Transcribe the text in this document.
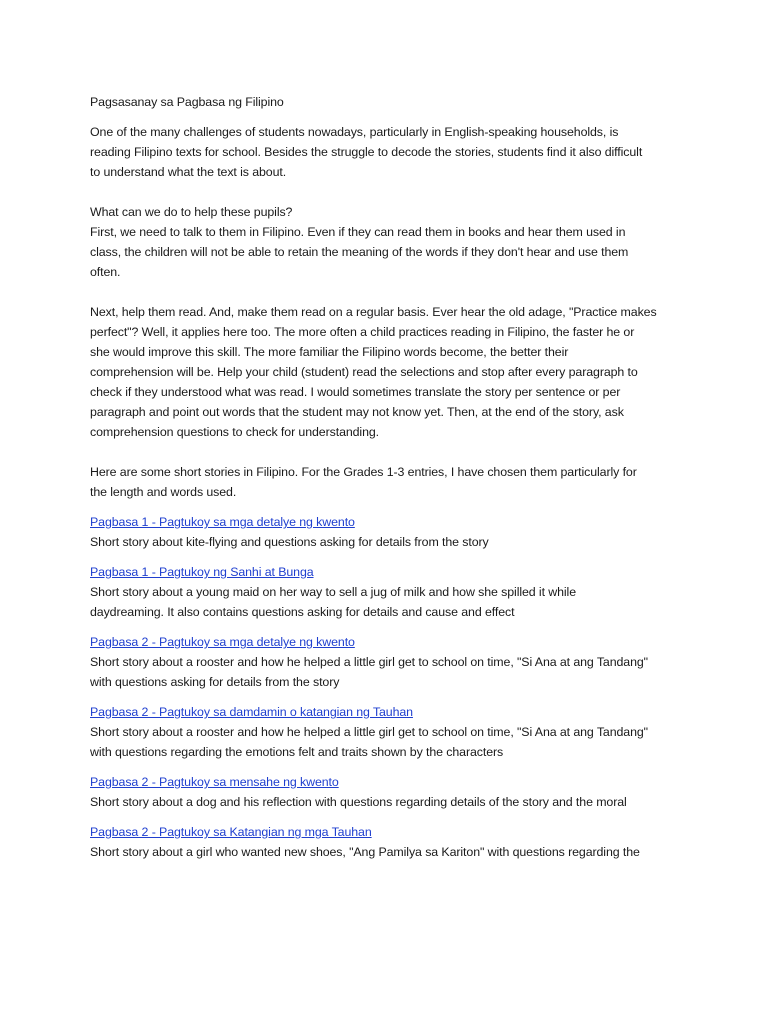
Pagsasanay sa Pagbasa ng Filipino

One of the many challenges of students nowadays, particularly in English-speaking households, is
reading Filipino texts for school. Besides the struggle to decode the stories, students find it also difficult
to understand what the text is about.

What can we do to help these pupils?
First, we need to talk to them in Filipino. Even if they can read them in books and hear them used in
class, the children will not be able to retain the meaning of the words if they don't hear and use them
often.

Next, help them read. And, make them read on a regular basis. Ever hear the old adage, "Practice makes
perfect"? Well, it applies here too. The more often a child practices reading in Filipino, the faster he or
she would improve this skill. The more familiar the Filipino words become, the better their
comprehension will be. Help your child (student) read the selections and stop after every paragraph to
check if they understood what was read. I would sometimes translate the story per sentence or per
paragraph and point out words that the student may not know yet. Then, at the end of the story, ask
comprehension questions to check for understanding.

Here are some short stories in Filipino. For the Grades 1-3 entries, I have chosen them particularly for
the length and words used.

Pagbasa 1 - Pagtukoy sa mga detalye ng kwento
Short story about kite-flying and questions asking for details from the story
Pagbasa 1 - Pagtukoy ng Sanhi at Bunga
Short story about a young maid on her way to sell a jug of milk and how she spilled it while
daydreaming. It also contains questions asking for details and cause and effect
Pagbasa 2 - Pagtukoy sa mga detalye ng kwento
Short story about a rooster and how he helped a little girl get to school on time, "Si Ana at ang Tandang"
with questions asking for details from the story
Pagbasa 2 - Pagtukoy sa damdamin o katangian ng Tauhan
Short story about a rooster and how he helped a little girl get to school on time, "Si Ana at ang Tandang"
with questions regarding the emotions felt and traits shown by the characters
Pagbasa 2 - Pagtukoy sa mensahe ng kwento
Short story about a dog and his reflection with questions regarding details of the story and the moral
Pagbasa 2 - Pagtukoy sa Katangian ng mga Tauhan
Short story about a girl who wanted new shoes, "Ang Pamilya sa Kariton" with questions regarding the
